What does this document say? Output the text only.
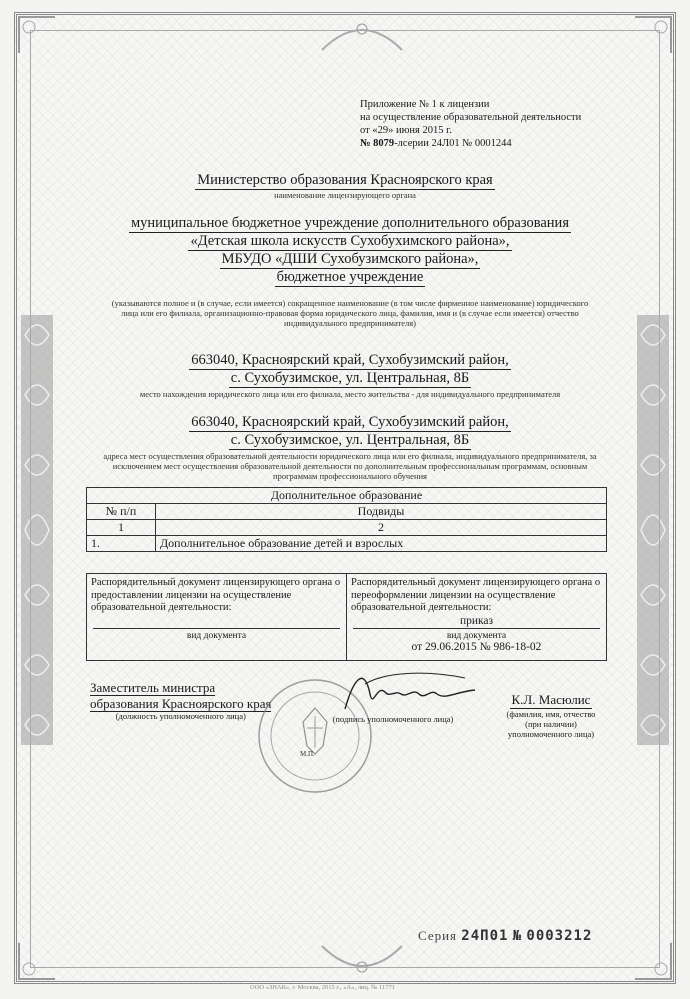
Приложение № 1 к лицензии
на осуществление образовательной деятельности
от «29» июня 2015 г.
№ 8079-лсерии 24Л01 № 0001244
Министерство образования Красноярского края
наименование лицензирующего органа
муниципальное бюджетное учреждение дополнительного образования
«Детская школа искусств Сухобухимского района»,
МБУДО «ДШИ Сухобузимского района»,
бюджетное учреждение
(указываются полное и (в случае, если имеется) сокращенное наименование (в том числе фирменное наименование) юридического лица или его филиала, организационно-правовая форма юридического лица, фамилия, имя и (в случае если имеется) отчество индивидуального предпринимателя)
663040, Красноярский край, Сухобузимский район,
с. Сухобузимское, ул. Центральная, 8Б
место нахождения юридического лица или его филиала, место жительства - для индивидуального предпринимателя
663040, Красноярский край, Сухобузимский район,
с. Сухобузимское, ул. Центральная, 8Б
адреса мест осуществления образовательной деятельности юридического лица или его филиала, индивидуального предпринимателя, за исключением мест осуществления образовательной деятельности по дополнительным профессиональным программам, основным программам профессионального обучения
Дополнительное образование	
№ п/п	Подвиды
1	2
1.	Дополнительное образование детей и взрослых
Распорядительный документ лицензирующего органа о предоставлении лицензии на осуществление образовательной деятельности:
вид документа
Распорядительный документ лицензирующего органа о переоформлении лицензии на осуществление образовательной деятельности:
приказ
вид документа
от 29.06.2015 № 986-18-02
Заместитель министра
образования Красноярского края
(должность уполномоченного лица)
М.П.
(подпись уполномоченного лица)
К.Л. Масюлис
(фамилия, имя, отчество
(при наличии)
уполномоченного лица)
Серия 24П01 № 0003212
ООО «ЗНАК», г. Москва, 2015 г., «А», лиц. № 11771
